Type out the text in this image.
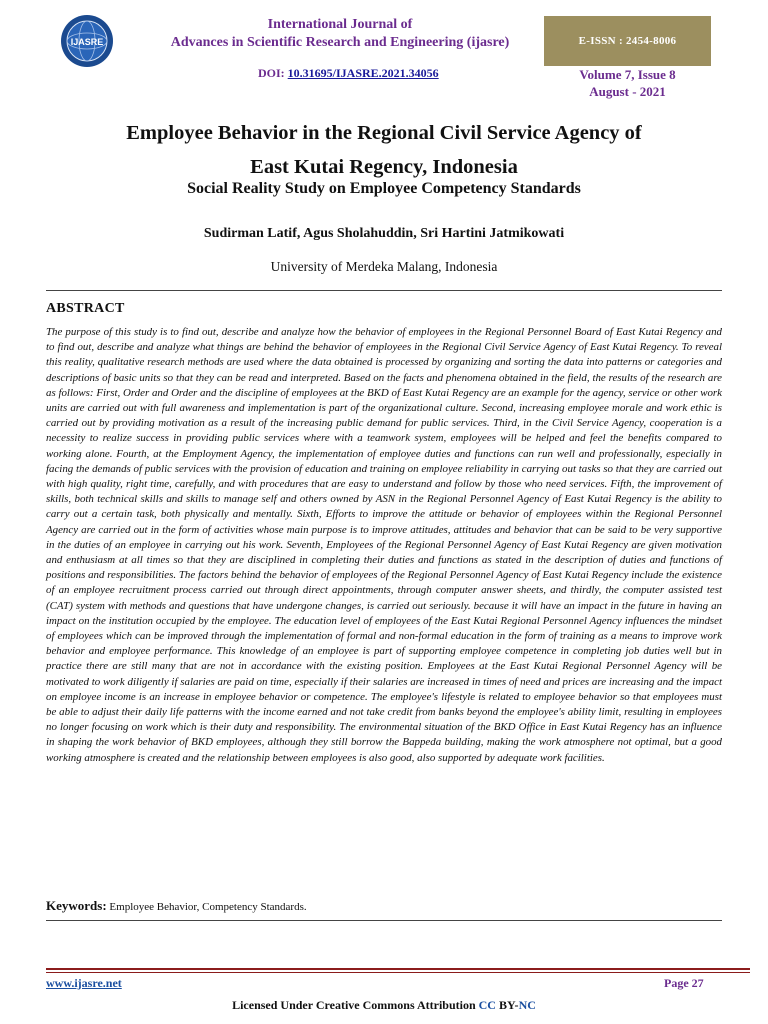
IJASRE
International Journal of
Advances in Scientific Research and Engineering (ijasre)	E-ISSN : 2454-8006
DOI: 10.31695/IJASRE.2021.34056	Volume 7, Issue 8
August - 2021
Employee Behavior in the Regional Civil Service Agency of
East Kutai Regency, Indonesia
Social Reality Study on Employee Competency Standards
Sudirman Latif, Agus Sholahuddin, Sri Hartini Jatmikowati
University of Merdeka Malang, Indonesia
ABSTRACT
The purpose of this study is to find out, describe and analyze how the behavior of employees in the Regional Personnel Board of East Kutai Regency and to find out, describe and analyze what things are behind the behavior of employees in the Regional Civil Service Agency of East Kutai Regency. To reveal this reality, qualitative research methods are used where the data obtained is processed by organizing and sorting the data into patterns or categories and descriptions of basic units so that they can be read and interpreted. Based on the facts and phenomena obtained in the field, the results of the research are as follows: First, Order and Order and the discipline of employees at the BKD of East Kutai Regency are an example for the agency, service or other work units are carried out with full awareness and implementation is part of the organizational culture. Second, increasing employee morale and work ethic is carried out by providing motivation as a result of the increasing public demand for public services. Third, in the Civil Service Agency, cooperation is a necessity to realize success in providing public services where with a teamwork system, employees will be helped and feel the benefits compared to working alone. Fourth, at the Employment Agency, the implementation of employee duties and functions can run well and professionally, especially in facing the demands of public services with the provision of education and training on employee reliability in carrying out tasks so that they are carried out with high quality, right time, carefully, and with procedures that are easy to understand and follow by those who need services. Fifth, the improvement of skills, both technical skills and skills to manage self and others owned by ASN in the Regional Personnel Agency of East Kutai Regency is the ability to carry out a certain task, both physically and mentally. Sixth, Efforts to improve the attitude or behavior of employees within the Regional Personnel Agency are carried out in the form of activities whose main purpose is to improve attitudes, attitudes and behavior that can be said to be very supportive in the duties of an employee in carrying out his work. Seventh, Employees of the Regional Personnel Agency of East Kutai Regency are given motivation and enthusiasm at all times so that they are disciplined in completing their duties and functions as stated in the description of duties and functions of positions and responsibilities. The factors behind the behavior of employees of the Regional Personnel Agency of East Kutai Regency include the existence of an employee recruitment process carried out through direct appointments, through computer answer sheets, and thirdly, the computer assisted test (CAT) system with methods and questions that have undergone changes, is carried out seriously. because it will have an impact in the future in having an impact on the institution occupied by the employee. The education level of employees of the East Kutai Regional Personnel Agency influences the mindset of employees which can be improved through the implementation of formal and non-formal education in the form of training as a means to improve work behavior and employee performance. This knowledge of an employee is part of supporting employee competence in completing job duties well but in practice there are still many that are not in accordance with the existing position. Employees at the East Kutai Regional Personnel Agency will be motivated to work diligently if salaries are paid on time, especially if their salaries are increased in times of need and prices are increasing and the impact on employee income is an increase in employee behavior or competence. The employee's lifestyle is related to employee behavior so that employees must be able to adjust their daily life patterns with the income earned and not take credit from banks beyond the employee's ability limit, resulting in employees no longer focusing on work which is their duty and responsibility. The environmental situation of the BKD Office in East Kutai Regency has an influence in shaping the work behavior of BKD employees, although they still borrow the Bappeda building, making the work atmosphere not optimal, but a good working atmosphere is created and the relationship between employees is also good, also supported by adequate work facilities.
Keywords: Employee Behavior, Competency Standards.
www.ijasre.net	Page 27
Licensed Under Creative Commons Attribution CC BY-NC
